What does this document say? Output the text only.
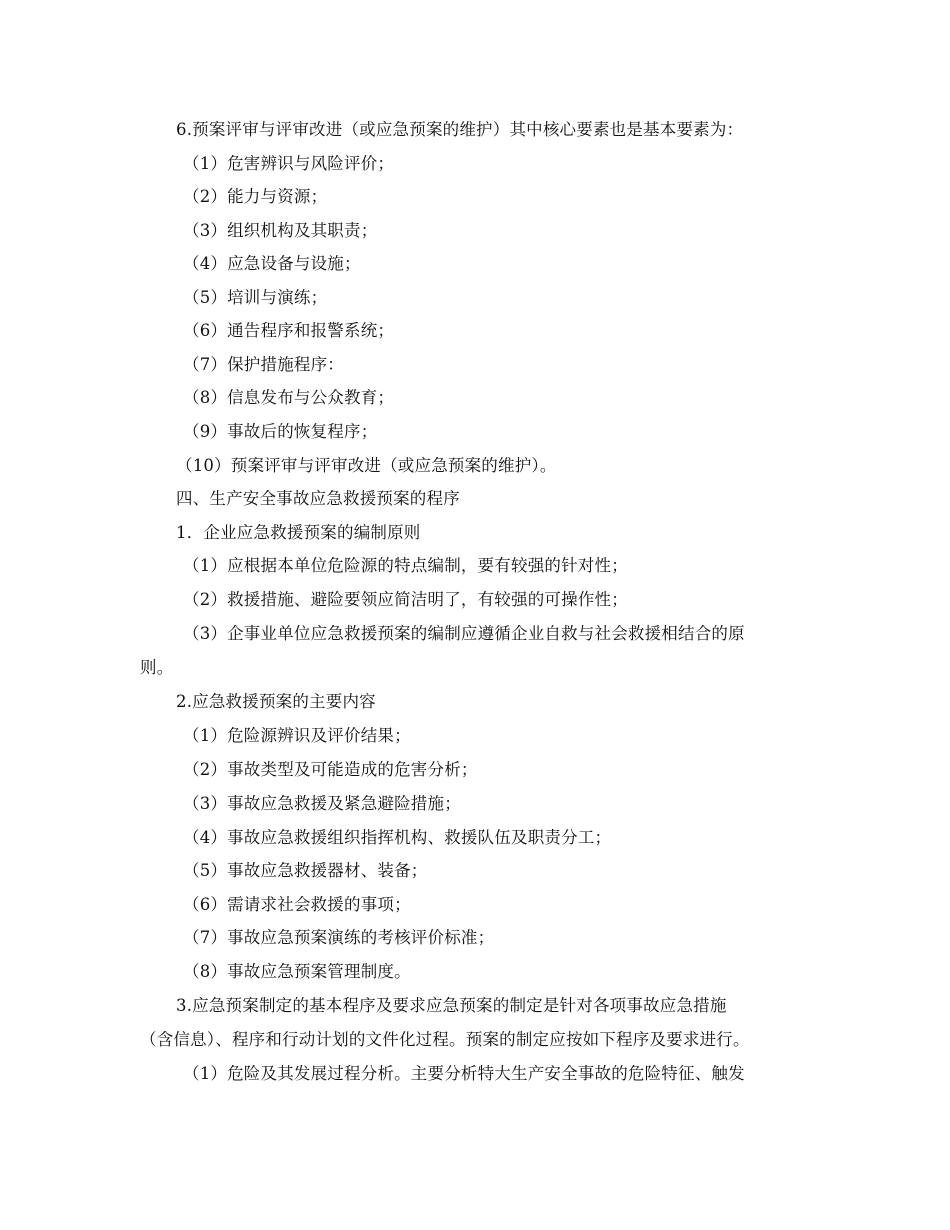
6.预案评审与评审改进（或应急预案的维护）其中核心要素也是基本要素为：
（1）危害辨识与风险评价；
（2）能力与资源；
（3）组织机构及其职责；
（4）应急设备与设施；
（5）培训与演练；
（6）通告程序和报警系统；
（7）保护措施程序：
（8）信息发布与公众教育；
（9）事故后的恢复程序；
（10）预案评审与评审改进（或应急预案的维护）。
四、生产安全事故应急救援预案的程序
1．企业应急救援预案的编制原则
（1）应根据本单位危险源的特点编制，要有较强的针对性；
（2）救援措施、避险要领应简洁明了，有较强的可操作性；
（3）企事业单位应急救援预案的编制应遵循企业自救与社会救援相结合的原
则。
2.应急救援预案的主要内容
（1）危险源辨识及评价结果；
（2）事故类型及可能造成的危害分析；
（3）事故应急救援及紧急避险措施；
（4）事故应急救援组织指挥机构、救援队伍及职责分工；
（5）事故应急救援器材、装备；
（6）需请求社会救援的事项；
（7）事故应急预案演练的考核评价标准；
（8）事故应急预案管理制度。
3.应急预案制定的基本程序及要求应急预案的制定是针对各项事故应急措施
（含信息）、程序和行动计划的文件化过程。预案的制定应按如下程序及要求进行。
（1）危险及其发展过程分析。主要分析特大生产安全事故的危险特征、触发
